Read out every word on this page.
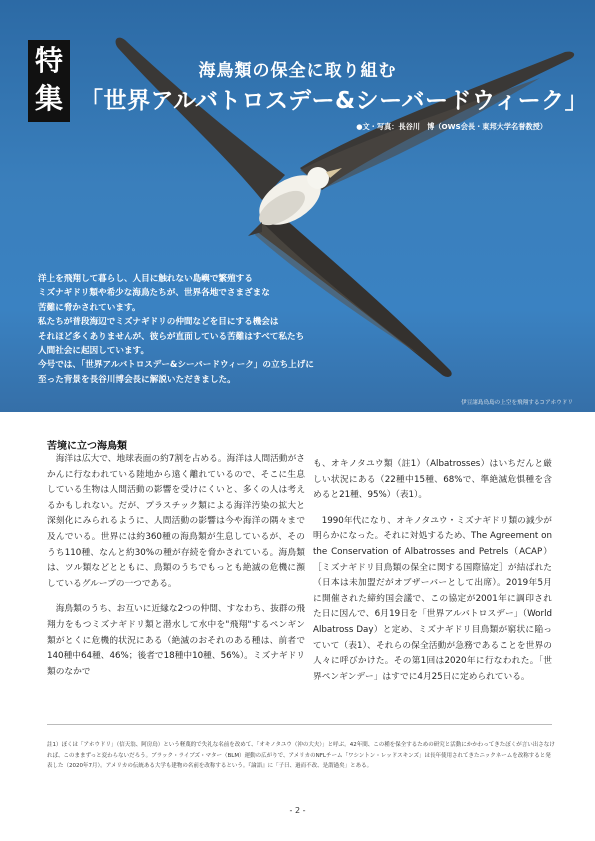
特
集
海鳥類の保全に取り組む
「世界アルバトロスデー&シーバードウィーク」
●文・写真：長谷川　博（OWS会長・東邦大学名誉教授）

洋上を飛翔して暮らし、人目に触れない島嶼で繁殖する

ミズナギドリ類や希少な海鳥たちが、世界各地でさまざまな

苦難に脅かされています。

私たちが普段海辺でミズナギドリの仲間などを目にする機会は

それほど多くありませんが、彼らが直面している苦難はすべて私たち

人間社会に起因しています。

今号では、「世界アルバトロスデー&シーバードウィーク」の立ち上げに

至った背景を長谷川博会長に解説いただきました。

伊豆諸島鳥島の上空を飛翔するコアホウドリ
苦境に立つ海鳥類

海洋は広大で、地球表面の約7割を占める。海洋は人間活動がさかんに行なわれている陸地から遠く離れているので、そこに生息している生物は人間活動の影響を受けにくいと、多くの人は考えるかもしれない。だが、プラスチック類による海洋汚染の拡大と深刻化にみられるように、人間活動の影響は今や海洋の隅々まで及んでいる。世界には約360種の海鳥類が生息しているが、そのうち110種、なんと約30%の種が存続を脅かされている。海鳥類は、ツル類などとともに、鳥類のうちでもっとも絶滅の危機に瀕しているグループの一つである。

海鳥類のうち、お互いに近縁な2つの仲間、すなわち、抜群の飛翔力をもつミズナギドリ類と潜水して水中を"飛翔"するペンギン類がとくに危機的状況にある（絶滅のおそれのある種は、前者で140種中64種、46%；後者で18種中10種、56%）。ミズナギドリ類のなかで

も、オキノタユウ類（註1）（Albatrosses）はいちだんと厳しい状況にある（22種中15種、68%で、準絶滅危惧種を含めると21種、95%）（表1）。

1990年代になり、オキノタユウ・ミズナギドリ類の減少が明らかになった。それに対処するため、The Agreement on the Conservation of Albatrosses and Petrels（ACAP）［ミズナギドリ目鳥類の保全に関する国際協定］が結ばれた（日本は未加盟だがオブザーバーとして出席）。2019年5月に開催された締約国会議で、この協定が2001年に調印された日に因んで、6月19日を「世界アルバトロスデー」（World Albatross Day）と定め、ミズナギドリ目鳥類が窮状に陥っていて（表1）、それらの保全活動が急務であることを世界の人々に呼びかけた。その第1回は2020年に行なわれた。「世界ペンギンデー」はすでに4月25日に定められている。

註1）ぼくは「アホウドリ」（信天翁、阿房鳥）という軽蔑的で失礼な名前を改めて、「オキノタユウ（沖の大夫）」と呼ぶ。42年間、この種を保全するための研究と活動にかかわってきたぼくが言い出さなければ、このままずっと変わらないだろう。ブラック・ライブズ・マター（BLM）運動の広がりで、アメリカのNFLチーム「ワシントン・レッドスキンズ」は長年使用されてきたニックネームを改称すると発表した（2020年7月）。アメリカの伝統ある大学も建物の名前を改称するという。『論語』に「子曰、過而不改、是謂過矣」とある。
- 2 -
